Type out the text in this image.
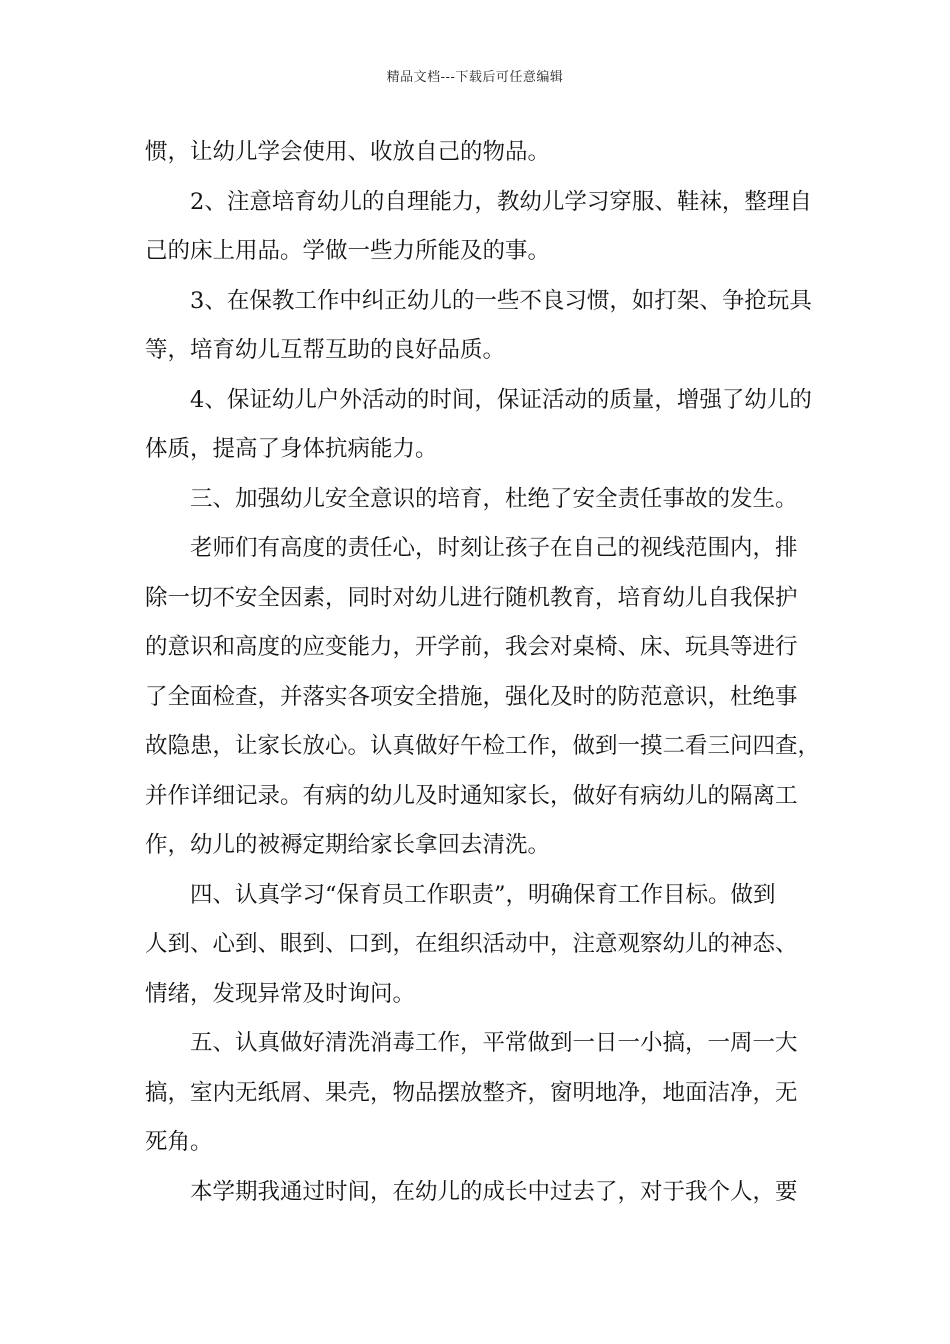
精品文档---下载后可任意编辑
惯，让幼儿学会使用、收放自己的物品。
2、注意培育幼儿的自理能力，教幼儿学习穿服、鞋袜，整理自
己的床上用品。学做一些力所能及的事。
3、在保教工作中纠正幼儿的一些不良习惯，如打架、争抢玩具
等，培育幼儿互帮互助的良好品质。
4、保证幼儿户外活动的时间，保证活动的质量，增强了幼儿的
体质，提高了身体抗病能力。
三、加强幼儿安全意识的培育，杜绝了安全责任事故的发生。
老师们有高度的责任心，时刻让孩子在自己的视线范围内，排
除一切不安全因素，同时对幼儿进行随机教育，培育幼儿自我保护
的意识和高度的应变能力，开学前，我会对桌椅、床、玩具等进行
了全面检查，并落实各项安全措施，强化及时的防范意识，杜绝事
故隐患，让家长放心。认真做好午检工作，做到一摸二看三问四查，
并作详细记录。有病的幼儿及时通知家长，做好有病幼儿的隔离工
作，幼儿的被褥定期给家长拿回去清洗。
四、认真学习“保育员工作职责”，明确保育工作目标。做到
人到、心到、眼到、口到，在组织活动中，注意观察幼儿的神态、
情绪，发现异常及时询问。
五、认真做好清洗消毒工作，平常做到一日一小搞，一周一大
搞，室内无纸屑、果壳，物品摆放整齐，窗明地净，地面洁净，无
死角。
本学期我通过时间，在幼儿的成长中过去了，对于我个人，要
